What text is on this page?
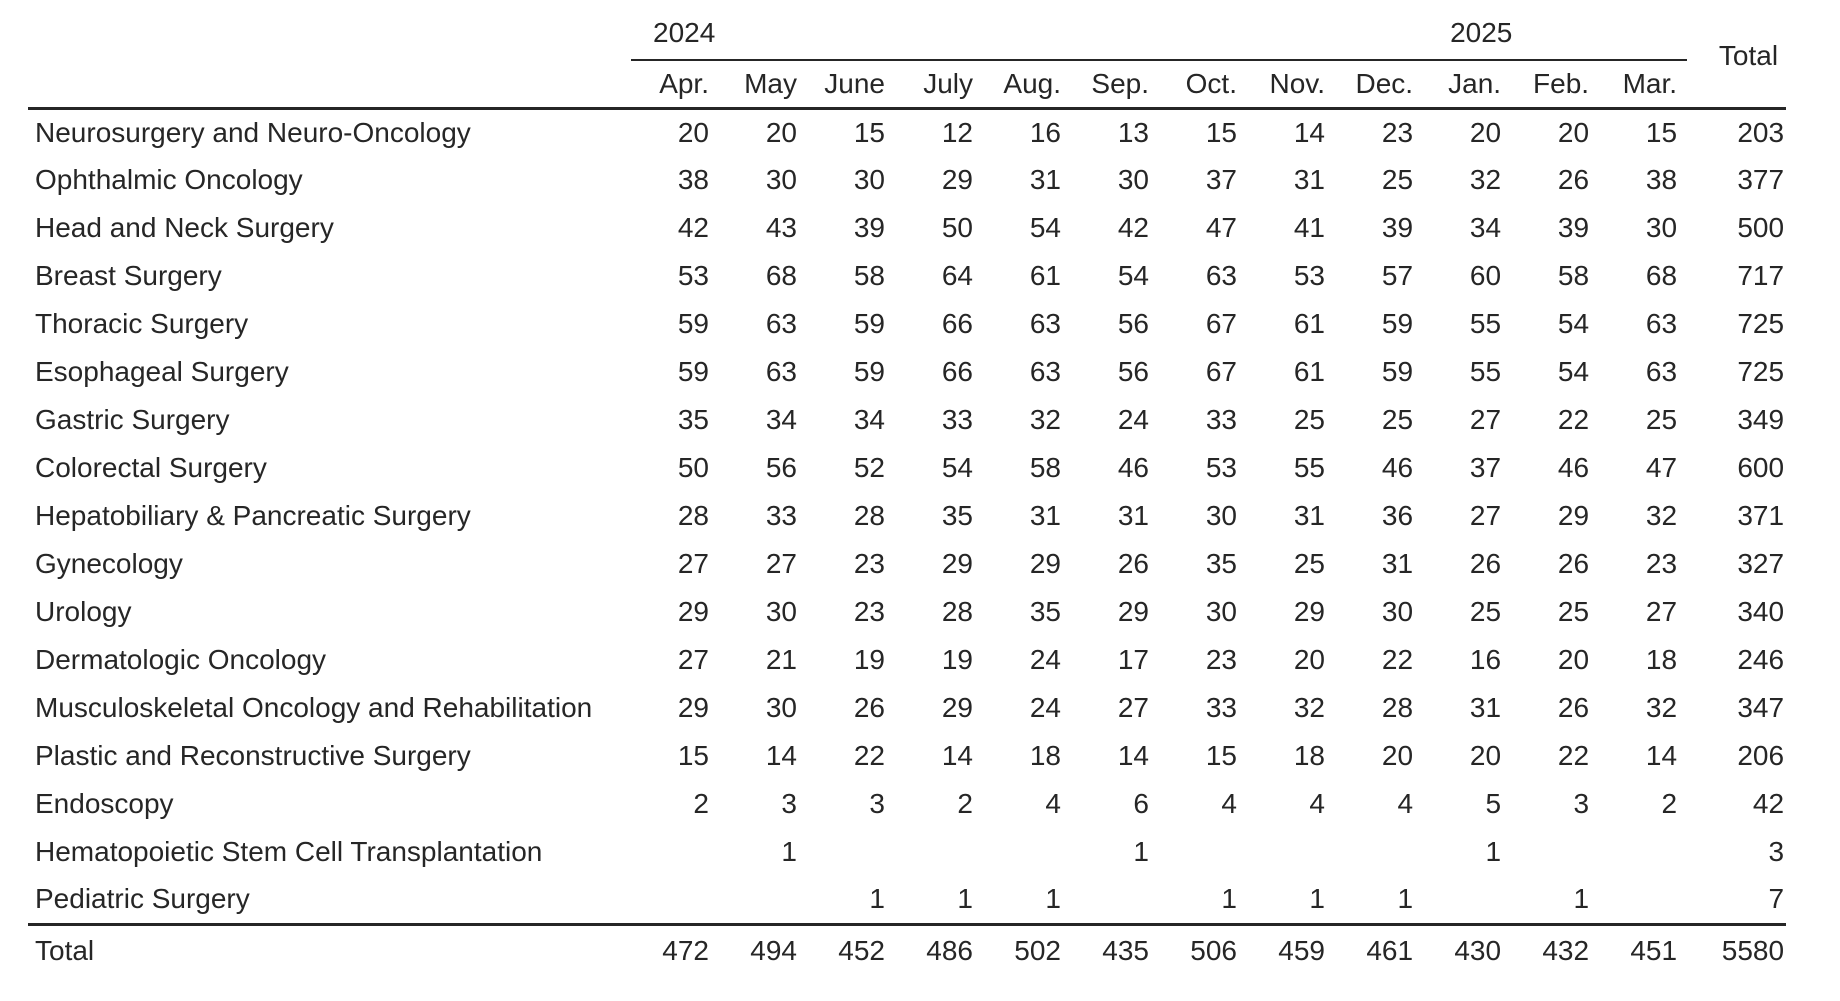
	2024									2025			Total
	Apr.	May	June	July	Aug.	Sep.	Oct.	Nov.	Dec.	Jan.	Feb.	Mar.	
Neurosurgery and Neuro-Oncology	20	20	15	12	16	13	15	14	23	20	20	15	203
Ophthalmic Oncology	38	30	30	29	31	30	37	31	25	32	26	38	377
Head and Neck Surgery	42	43	39	50	54	42	47	41	39	34	39	30	500
Breast Surgery	53	68	58	64	61	54	63	53	57	60	58	68	717
Thoracic Surgery	59	63	59	66	63	56	67	61	59	55	54	63	725
Esophageal Surgery	59	63	59	66	63	56	67	61	59	55	54	63	725
Gastric Surgery	35	34	34	33	32	24	33	25	25	27	22	25	349
Colorectal Surgery	50	56	52	54	58	46	53	55	46	37	46	47	600
Hepatobiliary & Pancreatic Surgery	28	33	28	35	31	31	30	31	36	27	29	32	371
Gynecology	27	27	23	29	29	26	35	25	31	26	26	23	327
Urology	29	30	23	28	35	29	30	29	30	25	25	27	340
Dermatologic Oncology	27	21	19	19	24	17	23	20	22	16	20	18	246
Musculoskeletal Oncology and Rehabilitation	29	30	26	29	24	27	33	32	28	31	26	32	347
Plastic and Reconstructive Surgery	15	14	22	14	18	14	15	18	20	20	22	14	206
Endoscopy	2	3	3	2	4	6	4	4	4	5	3	2	42
Hematopoietic Stem Cell Transplantation		1				1				1			3
Pediatric Surgery			1	1	1		1	1	1		1		7
Total	472	494	452	486	502	435	506	459	461	430	432	451	5580
